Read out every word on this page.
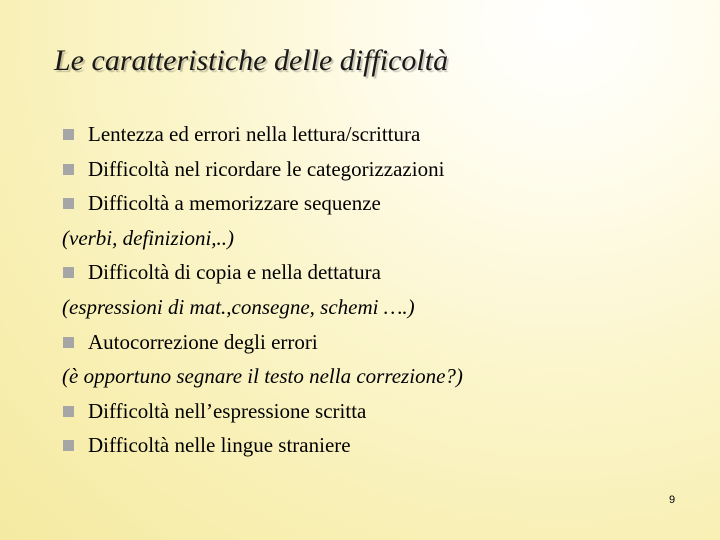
Le caratteristiche delle difficoltà
Lentezza ed errori nella lettura/scrittura
Difficoltà nel ricordare le categorizzazioni
Difficoltà a memorizzare sequenze
(verbi, definizioni,..)
Difficoltà di copia e nella dettatura
(espressioni di mat.,consegne, schemi ….)
Autocorrezione degli errori
(è opportuno segnare il testo nella correzione?)
Difficoltà nell’espressione scritta
Difficoltà nelle lingue straniere
9
